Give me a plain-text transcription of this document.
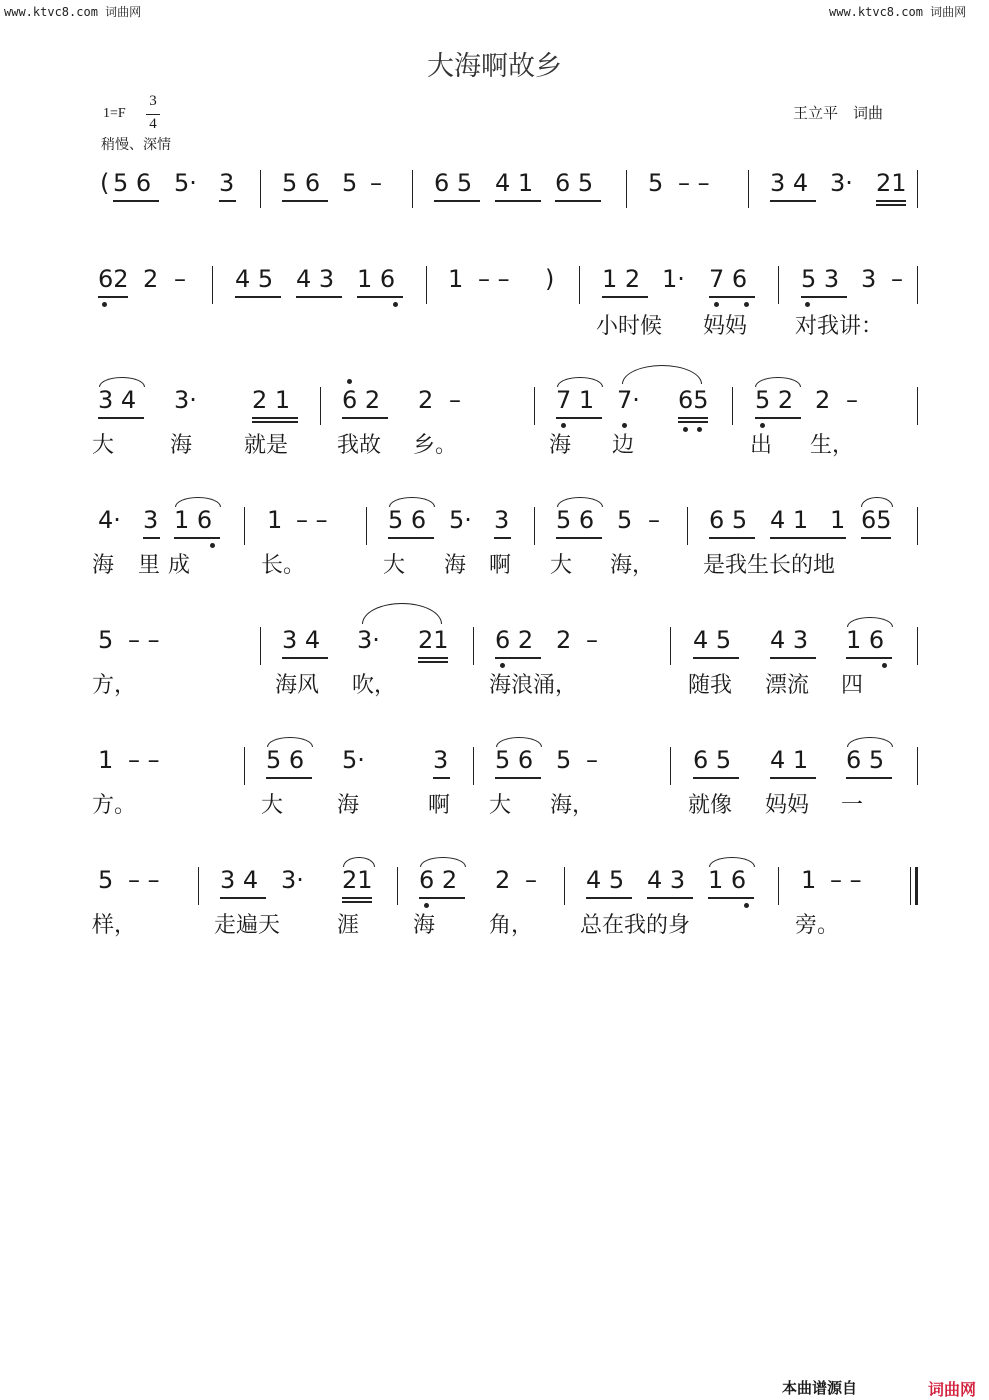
www.ktvc8.com 词曲网	www.ktvc8.com 词曲网
大海啊故乡
1=F
3
4
稍慢、深情
王立平　词曲
( 5 6 5· 3 5 6 5 – 6 5 4 1 6 5 5 – –	3 4 3· 21
62 2 – 4 5 4 3 1 6 1 – – ) 1 2 1· 7 6 5 3 3 –
小时候 妈妈 对我讲：
3 4 3· 2 1 6 2 2 –	7 1 7· 65 5 2 2 –
大	海 就是 我故 乡。	海 边	出 生，
4· 3 1 6 1 – –	5 6 5· 3 5 6 5 – 6 5 4 1 1 65
海 里 成	长。	大 海 啊 大 海， 是我生长的地
5 – –	3 4 3· 21 6 2 2 –	4 5 4 3 1 6
方，	海风 吹，	海浪涌，	随我 漂流 四
1 – –	5 6 5·	3 5 6 5 –	6 5 4 1 6 5
方。	大 海	啊 大 海，	就像 妈妈 一
5 – –	3 4 3· 21 6 2 2 – 4 5 4 3 1 6 1 – –
样，	走遍天	涯 海 角， 总在我的身	旁。
本曲谱源自	词曲网
